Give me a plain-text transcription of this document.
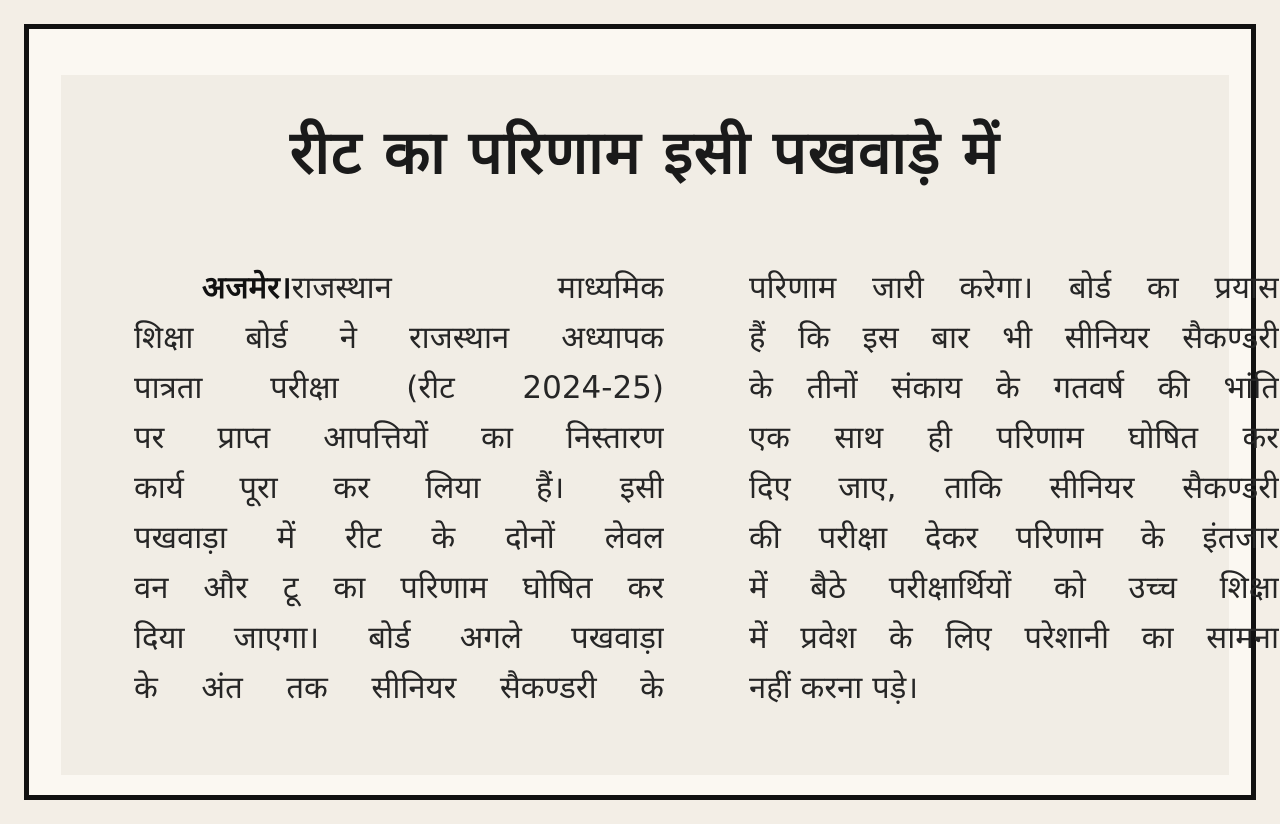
रीट का परिणाम इसी पखवाड़े में
अजमेर।राजस्थान माध्यमिक
शिक्षा बोर्ड ने राजस्थान अध्यापक
पात्रता परीक्षा (रीट 2024-25)
पर प्राप्त आपत्तियों का निस्तारण
कार्य पूरा कर लिया हैं। इसी
पखवाड़ा में रीट के दोनों लेवल
वन और टू का परिणाम घोषित कर
दिया जाएगा। बोर्ड अगले पखवाड़ा
के अंत तक सीनियर सैकण्डरी के
परिणाम जारी करेगा। बोर्ड का प्रयास
हैं कि इस बार भी सीनियर सैकण्डरी
के तीनों संकाय के गतवर्ष की भांति
एक साथ ही परिणाम घोषित कर
दिए जाए, ताकि सीनियर सैकण्डरी
की परीक्षा देकर परिणाम के इंतजार
में बैठे परीक्षार्थियों को उच्च शिक्षा
में प्रवेश के लिए परेशानी का सामना
नहीं करना पड़े।
